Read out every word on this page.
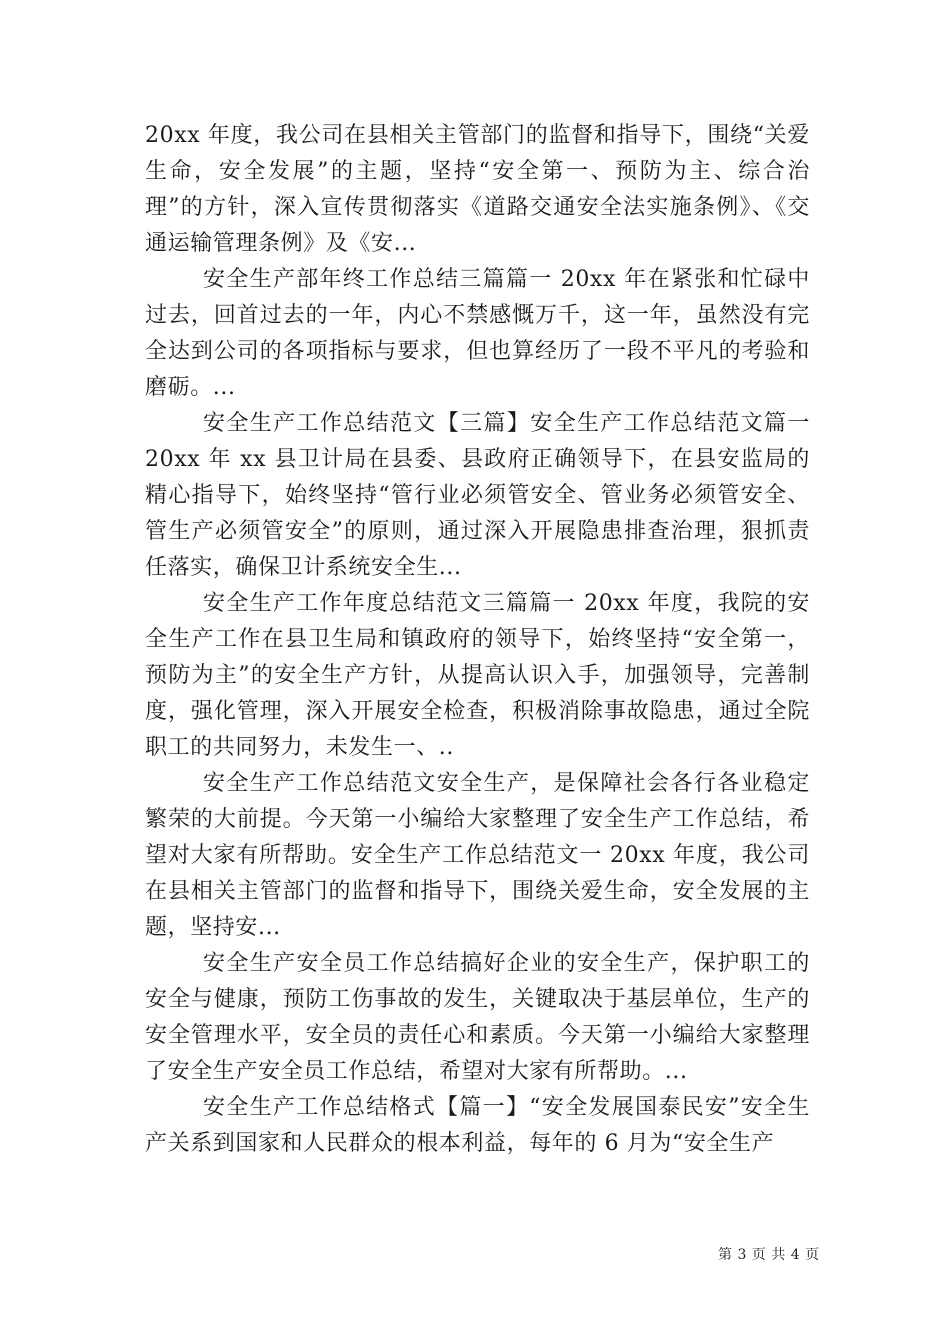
20xx 年度，我公司在县相关主管部门的监督和指导下，围绕“关爱生命，安全发展”的主题，坚持“安全第一、预防为主、综合治理”的方针，深入宣传贯彻落实《道路交通安全法实施条例》、《交通运输管理条例》及《安...

安全生产部年终工作总结三篇篇一 20xx 年在紧张和忙碌中过去，回首过去的一年，内心不禁感慨万千，这一年，虽然没有完全达到公司的各项指标与要求，但也算经历了一段不平凡的考验和磨砺。...

安全生产工作总结范文【三篇】安全生产工作总结范文篇一 20xx 年 xx 县卫计局在县委、县政府正确领导下，在县安监局的精心指导下，始终坚持“管行业必须管安全、管业务必须管安全、管生产必须管安全”的原则，通过深入开展隐患排查治理，狠抓责任落实，确保卫计系统安全生...

安全生产工作年度总结范文三篇篇一 20xx 年度，我院的安全生产工作在县卫生局和镇政府的领导下，始终坚持“安全第一，预防为主”的安全生产方针，从提高认识入手，加强领导，完善制度，强化管理，深入开展安全检查，积极消除事故隐患，通过全院职工的共同努力，未发生一、..

安全生产工作总结范文安全生产，是保障社会各行各业稳定繁荣的大前提。今天第一小编给大家整理了安全生产工作总结，希望对大家有所帮助。安全生产工作总结范文一 20xx 年度，我公司在县相关主管部门的监督和指导下，围绕关爱生命，安全发展的主题，坚持安...

安全生产安全员工作总结搞好企业的安全生产，保护职工的安全与健康，预防工伤事故的发生，关键取决于基层单位，生产的安全管理水平，安全员的责任心和素质。今天第一小编给大家整理了安全生产安全员工作总结，希望对大家有所帮助。...

安全生产工作总结格式【篇一】“安全发展国泰民安”安全生产关系到国家和人民群众的根本利益，每年的 6 月为“安全生产

第 3 页 共 4 页
